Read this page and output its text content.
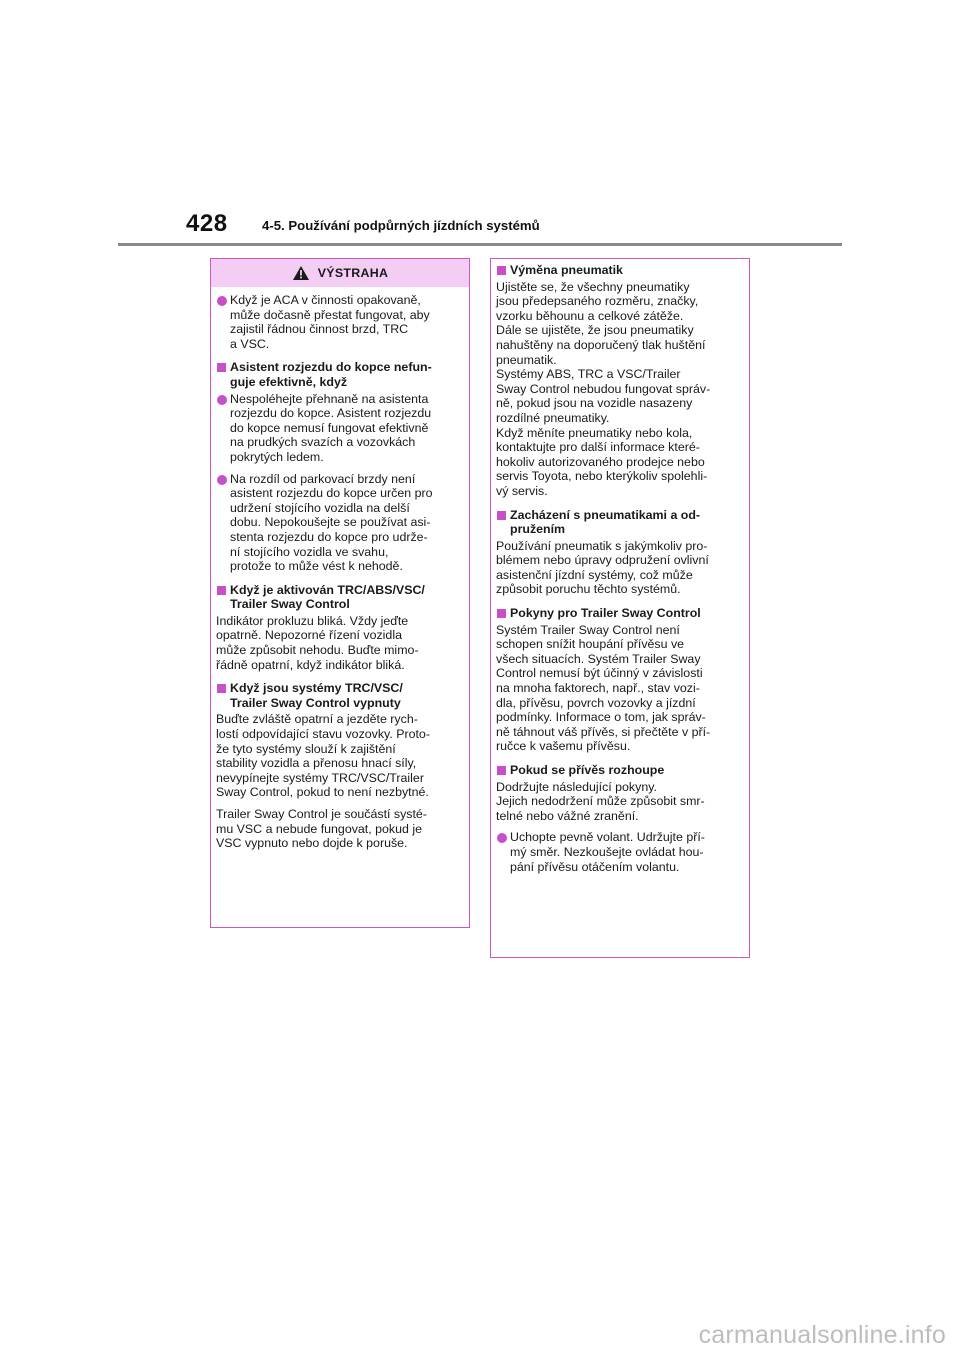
428	4-5. Používání podpůrných jízdních systémů
VÝSTRAHA
Když je ACA v činnosti opakovaně,
může dočasně přestat fungovat, aby
zajistil řádnou činnost brzd, TRC
a VSC.
Asistent rozjezdu do kopce nefun-
guje efektivně, když
Nespoléhejte přehnaně na asistenta
rozjezdu do kopce. Asistent rozjezdu
do kopce nemusí fungovat efektivně
na prudkých svazích a vozovkách
pokrytých ledem.
Na rozdíl od parkovací brzdy není
asistent rozjezdu do kopce určen pro
udržení stojícího vozidla na delší
dobu. Nepokoušejte se používat asi-
stenta rozjezdu do kopce pro udrže-
ní stojícího vozidla ve svahu,
protože to může vést k nehodě.
Když je aktivován TRC/ABS/VSC/
Trailer Sway Control
Indikátor prokluzu bliká. Vždy jeďte
opatrně. Nepozorné řízení vozidla
může způsobit nehodu. Buďte mimo-
řádně opatrní, když indikátor bliká.
Když jsou systémy TRC/VSC/
Trailer Sway Control vypnuty
Buďte zvláště opatrní a jezděte rych-
lostí odpovídající stavu vozovky. Proto-
že tyto systémy slouží k zajištění
stability vozidla a přenosu hnací síly,
nevypínejte systémy TRC/VSC/Trailer
Sway Control, pokud to není nezbytné.
Trailer Sway Control je součástí systé-
mu VSC a nebude fungovat, pokud je
VSC vypnuto nebo dojde k poruše.
Výměna pneumatik
Ujistěte se, že všechny pneumatiky
jsou předepsaného rozměru, značky,
vzorku běhounu a celkové zátěže.
Dále se ujistěte, že jsou pneumatiky
nahuštěny na doporučený tlak huštění
pneumatik.
Systémy ABS, TRC a VSC/Trailer
Sway Control nebudou fungovat správ-
ně, pokud jsou na vozidle nasazeny
rozdílné pneumatiky.
Když měníte pneumatiky nebo kola,
kontaktujte pro další informace které-
hokoliv autorizovaného prodejce nebo
servis Toyota, nebo kterýkoliv spolehli-
vý servis.
Zacházení s pneumatikami a od-
pružením
Používání pneumatik s jakýmkoliv pro-
blémem nebo úpravy odpružení ovlivní
asistenční jízdní systémy, což může
způsobit poruchu těchto systémů.
Pokyny pro Trailer Sway Control
Systém Trailer Sway Control není
schopen snížit houpání přívěsu ve
všech situacích. Systém Trailer Sway
Control nemusí být účinný v závislosti
na mnoha faktorech, např., stav vozi-
dla, přívěsu, povrch vozovky a jízdní
podmínky. Informace o tom, jak správ-
ně táhnout váš přívěs, si přečtěte v pří-
ručce k vašemu přívěsu.
Pokud se přívěs rozhoupe
Dodržujte následující pokyny.
Jejich nedodržení může způsobit smr-
telné nebo vážné zranění.
Uchopte pevně volant. Udržujte pří-
mý směr. Nezkoušejte ovládat hou-
pání přívěsu otáčením volantu.
carmanualsonline.info
